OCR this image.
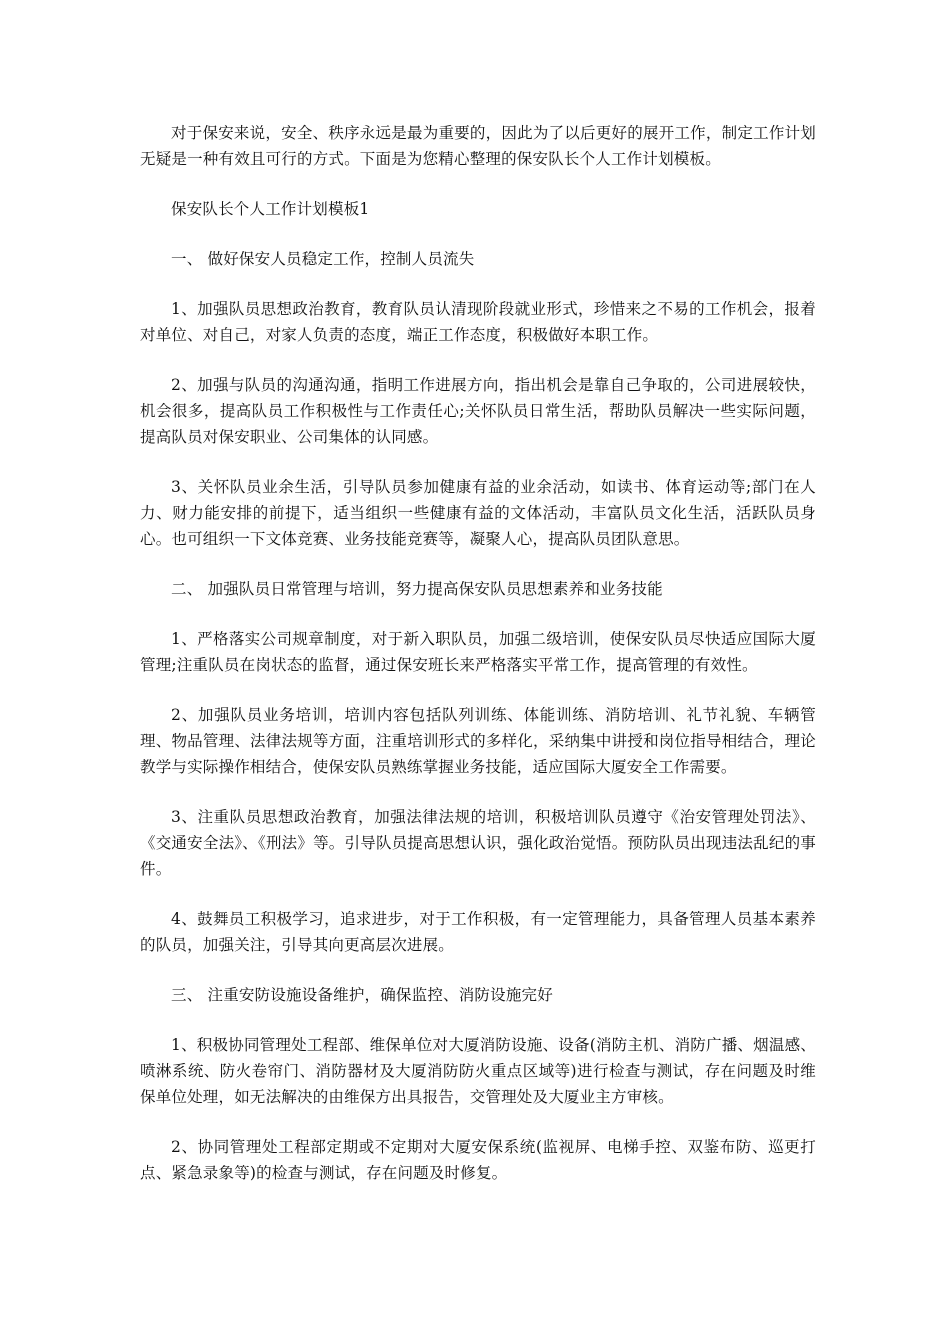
对于保安来说，安全、秩序永远是最为重要的，因此为了以后更好的展开工作，制定工作计划无疑是一种有效且可行的方式。下面是为您精心整理的保安队长个人工作计划模板。

保安队长个人工作计划模板1

一、 做好保安人员稳定工作，控制人员流失

1、加强队员思想政治教育，教育队员认清现阶段就业形式，珍惜来之不易的工作机会，报着对单位、对自己，对家人负责的态度，端正工作态度，积极做好本职工作。

2、加强与队员的沟通沟通，指明工作进展方向，指出机会是靠自己争取的，公司进展较快，机会很多，提高队员工作积极性与工作责任心;关怀队员日常生活，帮助队员解决一些实际问题，提高队员对保安职业、公司集体的认同感。

3、关怀队员业余生活，引导队员参加健康有益的业余活动，如读书、体育运动等;部门在人力、财力能安排的前提下，适当组织一些健康有益的文体活动，丰富队员文化生活，活跃队员身心。也可组织一下文体竞赛、业务技能竞赛等，凝聚人心，提高队员团队意思。

二、 加强队员日常管理与培训，努力提高保安队员思想素养和业务技能

1、严格落实公司规章制度，对于新入职队员，加强二级培训，使保安队员尽快适应国际大厦管理;注重队员在岗状态的监督，通过保安班长来严格落实平常工作，提高管理的有效性。

2、加强队员业务培训，培训内容包括队列训练、体能训练、消防培训、礼节礼貌、车辆管理、物品管理、法律法规等方面，注重培训形式的多样化，采纳集中讲授和岗位指导相结合，理论教学与实际操作相结合，使保安队员熟练掌握业务技能，适应国际大厦安全工作需要。

3、注重队员思想政治教育，加强法律法规的培训，积极培训队员遵守《治安管理处罚法》、《交通安全法》、《刑法》等。引导队员提高思想认识，强化政治觉悟。预防队员出现违法乱纪的事件。

4、鼓舞员工积极学习，追求进步，对于工作积极，有一定管理能力，具备管理人员基本素养的队员，加强关注，引导其向更高层次进展。

三、 注重安防设施设备维护，确保监控、消防设施完好

1、积极协同管理处工程部、维保单位对大厦消防设施、设备(消防主机、消防广播、烟温感、喷淋系统、防火卷帘门、消防器材及大厦消防防火重点区域等)进行检查与测试，存在问题及时维保单位处理，如无法解决的由维保方出具报告，交管理处及大厦业主方审核。

2、协同管理处工程部定期或不定期对大厦安保系统(监视屏、电梯手控、双鉴布防、巡更打点、紧急录象等)的检查与测试，存在问题及时修复。
